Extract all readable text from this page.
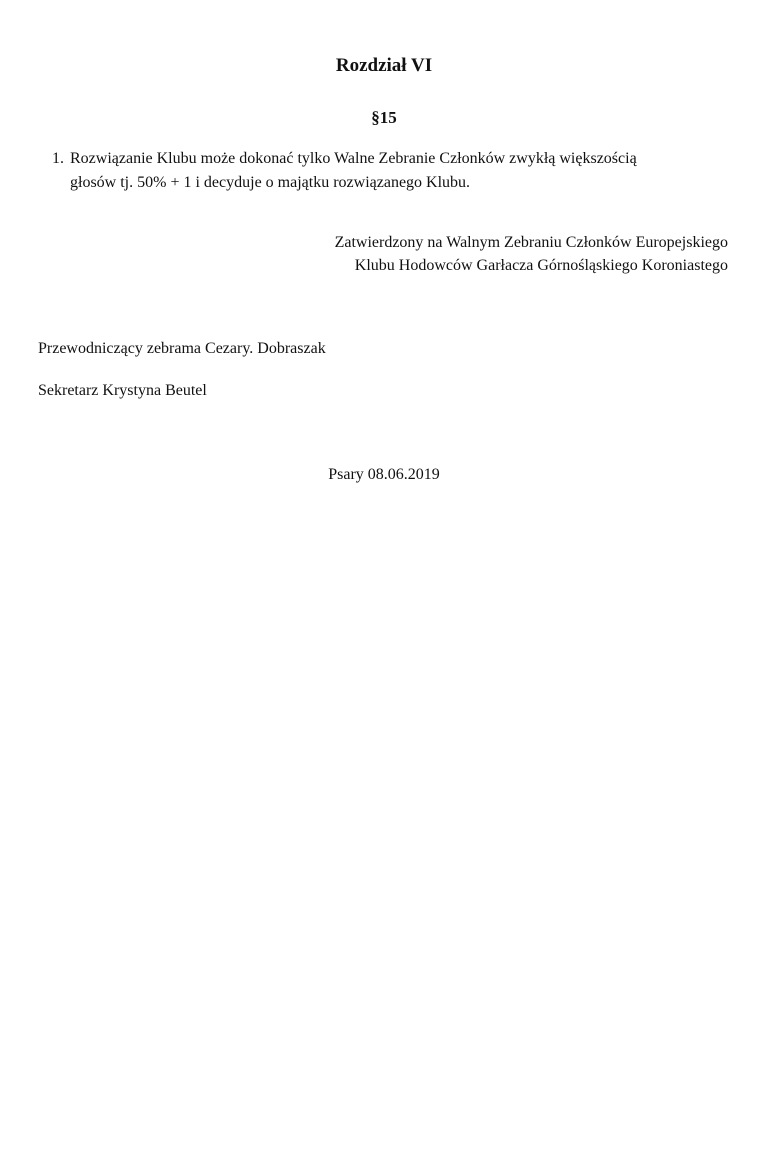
Rozdział VI
§15

1. Rozwiązanie Klubu może dokonać tylko Walne Zebranie Członków zwykłą większością
głosów tj. 50% + 1 i decyduje o majątku rozwiązanego Klubu.

Zatwierdzony na Walnym Zebraniu Członków Europejskiego
Klubu Hodowców Garłacza Górnośląskiego Koroniastego

Przewodniczący zebrama Cezary. Dobraszak

Sekretarz Krystyna Beutel

Psary 08.06.2019
